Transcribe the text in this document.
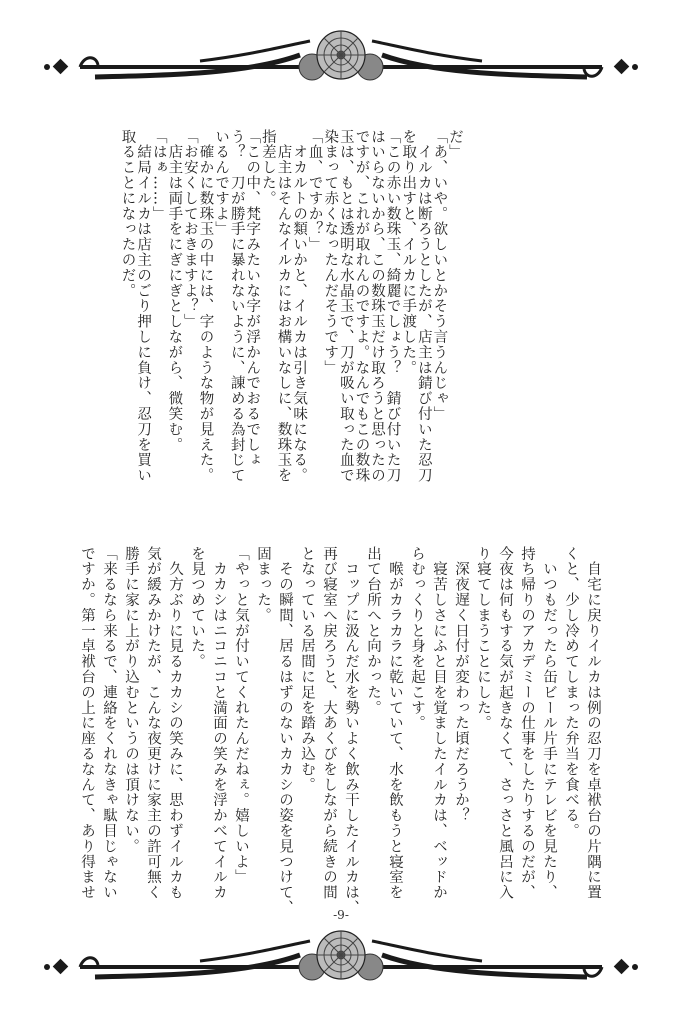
だ」
「あ、いや。欲しいとかそう言うんじゃ」
　イルカは断ろうとしたが、店主は錆び付いた忍刀
を取り出すと、イルカに手渡した。
「この赤い数珠玉、綺麗でしょう？　錆び付いた刀
はいらないから、この数珠玉だけ取ろうと思ったの
ですが、これが取れんのですよ。なんでもこの数珠
玉は、もとは透明な水晶玉で、刀が吸い取った血で
染まって赤くなったんだそうです」
「血、ですか？」
　オカルトの類いかと、イルカは引き気味になる。
　店主はそんなイルカにはお構いなしに、数珠玉を
指差した。
「この中、梵字みたいな字が浮かんでおるでしょ
う？　刀が勝手に暴れないように、諌める為封じて
いるんですよ」
　確かに数珠玉の中には、字のような物が見えた。
「お安くしておきますよ？」
　店主は両手をにぎにぎとしながら、微笑む。
「はぁ……」
　結局イルカは店主のごり押しに負け、忍刀を買い
取ることになったのだ。
-9-
　自宅に戻りイルカは例の忍刀を卓袱台の片隅に置
くと、少し冷めてしまった弁当を食べる。
　いつもだったら缶ビール片手にテレビを見たり、
持ち帰りのアカデミーの仕事をしたりするのだが、
今夜は何もする気が起きなくて、さっさと風呂に入
り寝てしまうことにした。
　深夜遅く日付が変わった頃だろうか？
　寝苦しさにふと目を覚ましたイルカは、ベッドか
らむっくりと身を起こす。
　喉がカラカラに乾いていて、水を飲もうと寝室を
出て台所へと向かった。
　コップに汲んだ水を勢いよく飲み干したイルカは、
再び寝室へ戻ろうと、大あくびをしながら続きの間
となっている居間に足を踏み込む。
　その瞬間、居るはずのないカカシの姿を見つけて、
固まった。
「やっと気が付いてくれたんだねぇ。嬉しいよ」
　カカシはニコニコと満面の笑みを浮かべてイルカ
を見つめていた。
　久方ぶりに見るカカシの笑みに、思わずイルカも
気が緩みかけたが、こんな夜更けに家主の許可無く
勝手に家に上がり込むというのは頂けない。
「来るなら来るで、連絡をくれなきゃ駄目じゃない
ですか。第一卓袱台の上に座るなんて、あり得ませ
